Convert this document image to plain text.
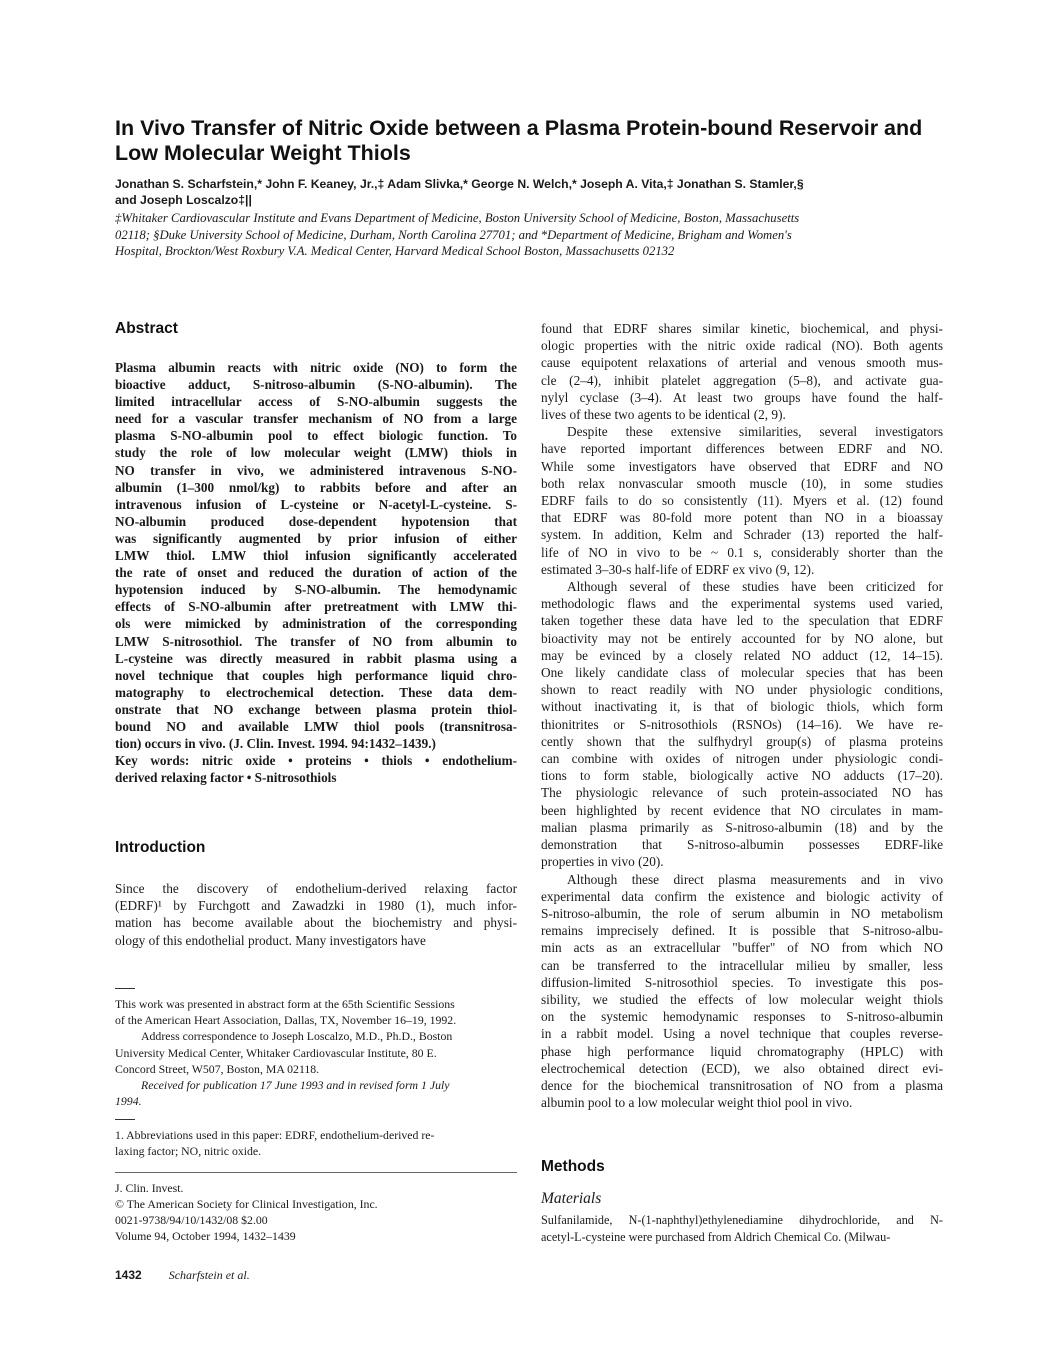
In Vivo Transfer of Nitric Oxide between a Plasma Protein-bound Reservoir and
Low Molecular Weight Thiols
Jonathan S. Scharfstein,* John F. Keaney, Jr.,‡ Adam Slivka,* George N. Welch,* Joseph A. Vita,‡ Jonathan S. Stamler,§
and Joseph Loscalzo‡||
‡Whitaker Cardiovascular Institute and Evans Department of Medicine, Boston University School of Medicine, Boston, Massachusetts
02118; §Duke University School of Medicine, Durham, North Carolina 27701; and *Department of Medicine, Brigham and Women's
Hospital, Brockton/West Roxbury V.A. Medical Center, Harvard Medical School Boston, Massachusetts 02132
Abstract
Plasma albumin reacts with nitric oxide (NO) to form the
bioactive adduct, S-nitroso-albumin (S-NO-albumin). The
limited intracellular access of S-NO-albumin suggests the
need for a vascular transfer mechanism of NO from a large
plasma S-NO-albumin pool to effect biologic function. To
study the role of low molecular weight (LMW) thiols in
NO transfer in vivo, we administered intravenous S-NO-
albumin (1–300 nmol/kg) to rabbits before and after an
intravenous infusion of L-cysteine or N-acetyl-L-cysteine. S-
NO-albumin produced dose-dependent hypotension that
was significantly augmented by prior infusion of either
LMW thiol. LMW thiol infusion significantly accelerated
the rate of onset and reduced the duration of action of the
hypotension induced by S-NO-albumin. The hemodynamic
effects of S-NO-albumin after pretreatment with LMW thi-
ols were mimicked by administration of the corresponding
LMW S-nitrosothiol. The transfer of NO from albumin to
L-cysteine was directly measured in rabbit plasma using a
novel technique that couples high performance liquid chro-
matography to electrochemical detection. These data dem-
onstrate that NO exchange between plasma protein thiol-
bound NO and available LMW thiol pools (transnitrosa-
tion) occurs in vivo. (J. Clin. Invest. 1994. 94:1432–1439.)
Key words: nitric oxide • proteins • thiols • endothelium-
derived relaxing factor • S-nitrosothiols
Introduction
Since the discovery of endothelium-derived relaxing factor
(EDRF)¹ by Furchgott and Zawadzki in 1980 (1), much infor-
mation has become available about the biochemistry and physi-
ology of this endothelial product. Many investigators have
This work was presented in abstract form at the 65th Scientific Sessions
of the American Heart Association, Dallas, TX, November 16–19, 1992.
Address correspondence to Joseph Loscalzo, M.D., Ph.D., Boston
University Medical Center, Whitaker Cardiovascular Institute, 80 E.
Concord Street, W507, Boston, MA 02118.
Received for publication 17 June 1993 and in revised form 1 July
1994.
1. Abbreviations used in this paper: EDRF, endothelium-derived re-
laxing factor; NO, nitric oxide.
J. Clin. Invest.
© The American Society for Clinical Investigation, Inc.
0021-9738/94/10/1432/08 $2.00
Volume 94, October 1994, 1432–1439
1432 Scharfstein et al.
found that EDRF shares similar kinetic, biochemical, and physi-
ologic properties with the nitric oxide radical (NO). Both agents
cause equipotent relaxations of arterial and venous smooth mus-
cle (2–4), inhibit platelet aggregation (5–8), and activate gua-
nylyl cyclase (3–4). At least two groups have found the half-
lives of these two agents to be identical (2, 9).
Despite these extensive similarities, several investigators
have reported important differences between EDRF and NO.
While some investigators have observed that EDRF and NO
both relax nonvascular smooth muscle (10), in some studies
EDRF fails to do so consistently (11). Myers et al. (12) found
that EDRF was 80-fold more potent than NO in a bioassay
system. In addition, Kelm and Schrader (13) reported the half-
life of NO in vivo to be ~ 0.1 s, considerably shorter than the
estimated 3–30-s half-life of EDRF ex vivo (9, 12).
Although several of these studies have been criticized for
methodologic flaws and the experimental systems used varied,
taken together these data have led to the speculation that EDRF
bioactivity may not be entirely accounted for by NO alone, but
may be evinced by a closely related NO adduct (12, 14–15).
One likely candidate class of molecular species that has been
shown to react readily with NO under physiologic conditions,
without inactivating it, is that of biologic thiols, which form
thionitrites or S-nitrosothiols (RSNOs) (14–16). We have re-
cently shown that the sulfhydryl group(s) of plasma proteins
can combine with oxides of nitrogen under physiologic condi-
tions to form stable, biologically active NO adducts (17–20).
The physiologic relevance of such protein-associated NO has
been highlighted by recent evidence that NO circulates in mam-
malian plasma primarily as S-nitroso-albumin (18) and by the
demonstration that S-nitroso-albumin possesses EDRF-like
properties in vivo (20).
Although these direct plasma measurements and in vivo
experimental data confirm the existence and biologic activity of
S-nitroso-albumin, the role of serum albumin in NO metabolism
remains imprecisely defined. It is possible that S-nitroso-albu-
min acts as an extracellular "buffer" of NO from which NO
can be transferred to the intracellular milieu by smaller, less
diffusion-limited S-nitrosothiol species. To investigate this pos-
sibility, we studied the effects of low molecular weight thiols
on the systemic hemodynamic responses to S-nitroso-albumin
in a rabbit model. Using a novel technique that couples reverse-
phase high performance liquid chromatography (HPLC) with
electrochemical detection (ECD), we also obtained direct evi-
dence for the biochemical transnitrosation of NO from a plasma
albumin pool to a low molecular weight thiol pool in vivo.
Methods
Materials
Sulfanilamide, N-(1-naphthyl)ethylenediamine dihydrochloride, and N-
acetyl-L-cysteine were purchased from Aldrich Chemical Co. (Milwau-
